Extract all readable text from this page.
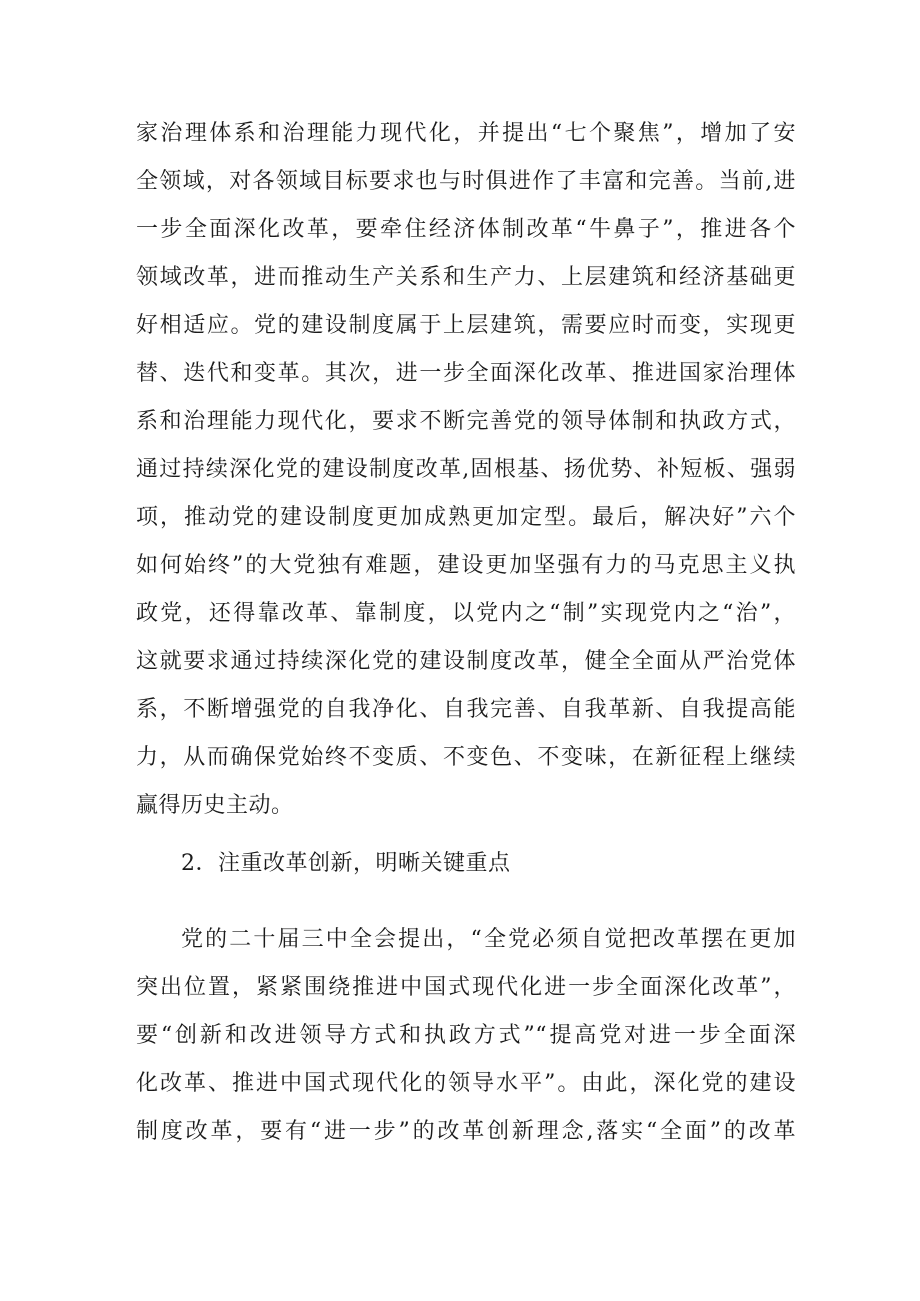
家治理体系和治理能力现代化，并提出“七个聚焦”，增加了安
全领域，对各领域目标要求也与时俱进作了丰富和完善。当前,进
一步全面深化改革，要牵住经济体制改革“牛鼻子”，推进各个
领域改革，进而推动生产关系和生产力、上层建筑和经济基础更
好相适应。党的建设制度属于上层建筑，需要应时而变，实现更
替、迭代和变革。其次，进一步全面深化改革、推进国家治理体
系和治理能力现代化，要求不断完善党的领导体制和执政方式，
通过持续深化党的建设制度改革,固根基、扬优势、补短板、强弱
项，推动党的建设制度更加成熟更加定型。最后，解决好”六个
如何始终”的大党独有难题，建设更加坚强有力的马克思主义执
政党，还得靠改革、靠制度，以党内之“制”实现党内之“治”，
这就要求通过持续深化党的建设制度改革，健全全面从严治党体
系，不断增强党的自我净化、自我完善、自我革新、自我提高能
力，从而确保党始终不变质、不变色、不变味，在新征程上继续
赢得历史主动。
2．注重改革创新，明晰关键重点
党的二十届三中全会提出，“全党必须自觉把改革摆在更加
突出位置，紧紧围绕推进中国式现代化进一步全面深化改革”，
要“创新和改进领导方式和执政方式”“提高党对进一步全面深
化改革、推进中国式现代化的领导水平”。由此，深化党的建设
制度改革，要有“进一步”的改革创新理念,落实“全面”的改革
